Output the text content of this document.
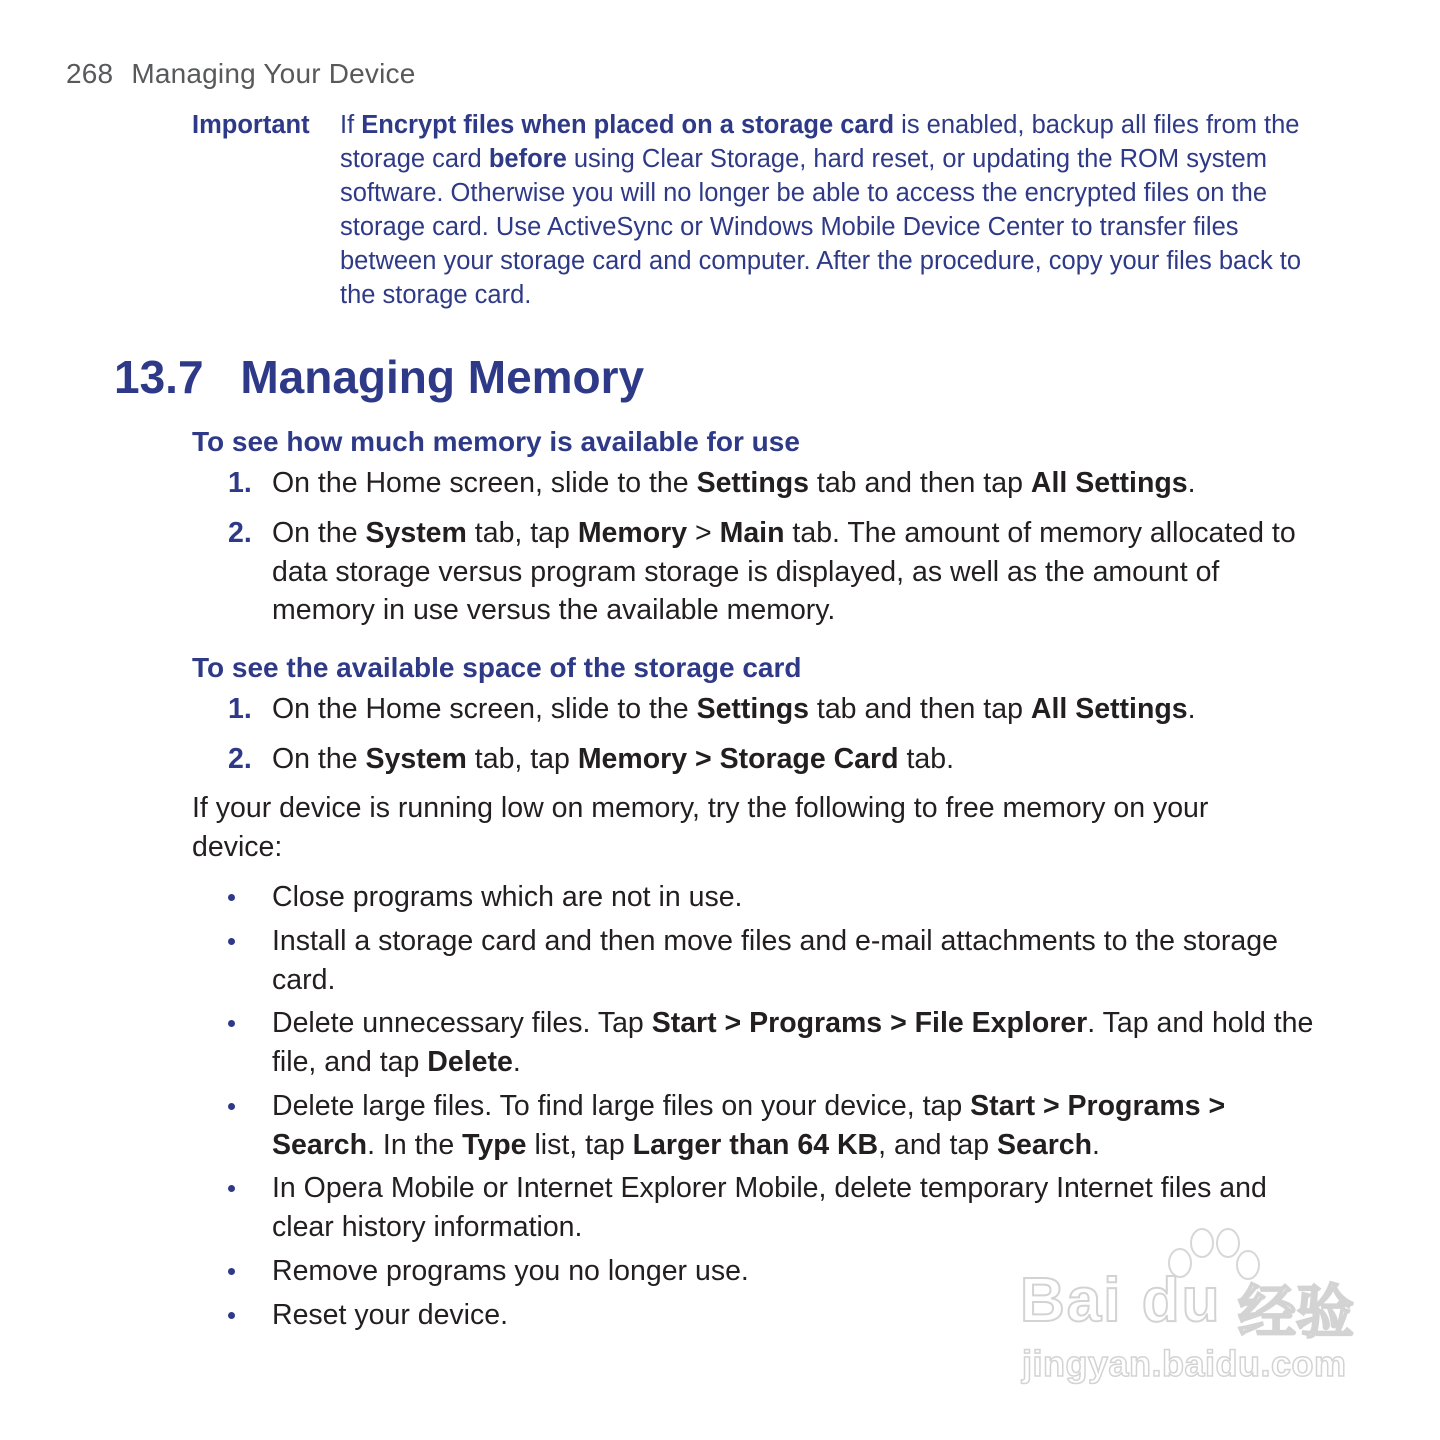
268 Managing Your Device
Important If Encrypt files when placed on a storage card is enabled, backup all files from the storage card before using Clear Storage, hard reset, or updating the ROM system software. Otherwise you will no longer be able to access the encrypted files on the storage card. Use ActiveSync or Windows Mobile Device Center to transfer files between your storage card and computer. After the procedure, copy your files back to the storage card.
13.7 Managing Memory
To see how much memory is available for use
1. On the Home screen, slide to the Settings tab and then tap All Settings.
2. On the System tab, tap Memory > Main tab. The amount of memory allocated to data storage versus program storage is displayed, as well as the amount of memory in use versus the available memory.
To see the available space of the storage card
1. On the Home screen, slide to the Settings tab and then tap All Settings.
2. On the System tab, tap Memory > Storage Card tab.
If your device is running low on memory, try the following to free memory on your device:
Close programs which are not in use.
Install a storage card and then move files and e-mail attachments to the storage card.
Delete unnecessary files. Tap Start > Programs > File Explorer. Tap and hold the file, and tap Delete.
Delete large files. To find large files on your device, tap Start > Programs > Search. In the Type list, tap Larger than 64 KB, and tap Search.
In Opera Mobile or Internet Explorer Mobile, delete temporary Internet files and clear history information.
Remove programs you no longer use.
Reset your device.	Bai du 经验
jingyan.baidu.com
